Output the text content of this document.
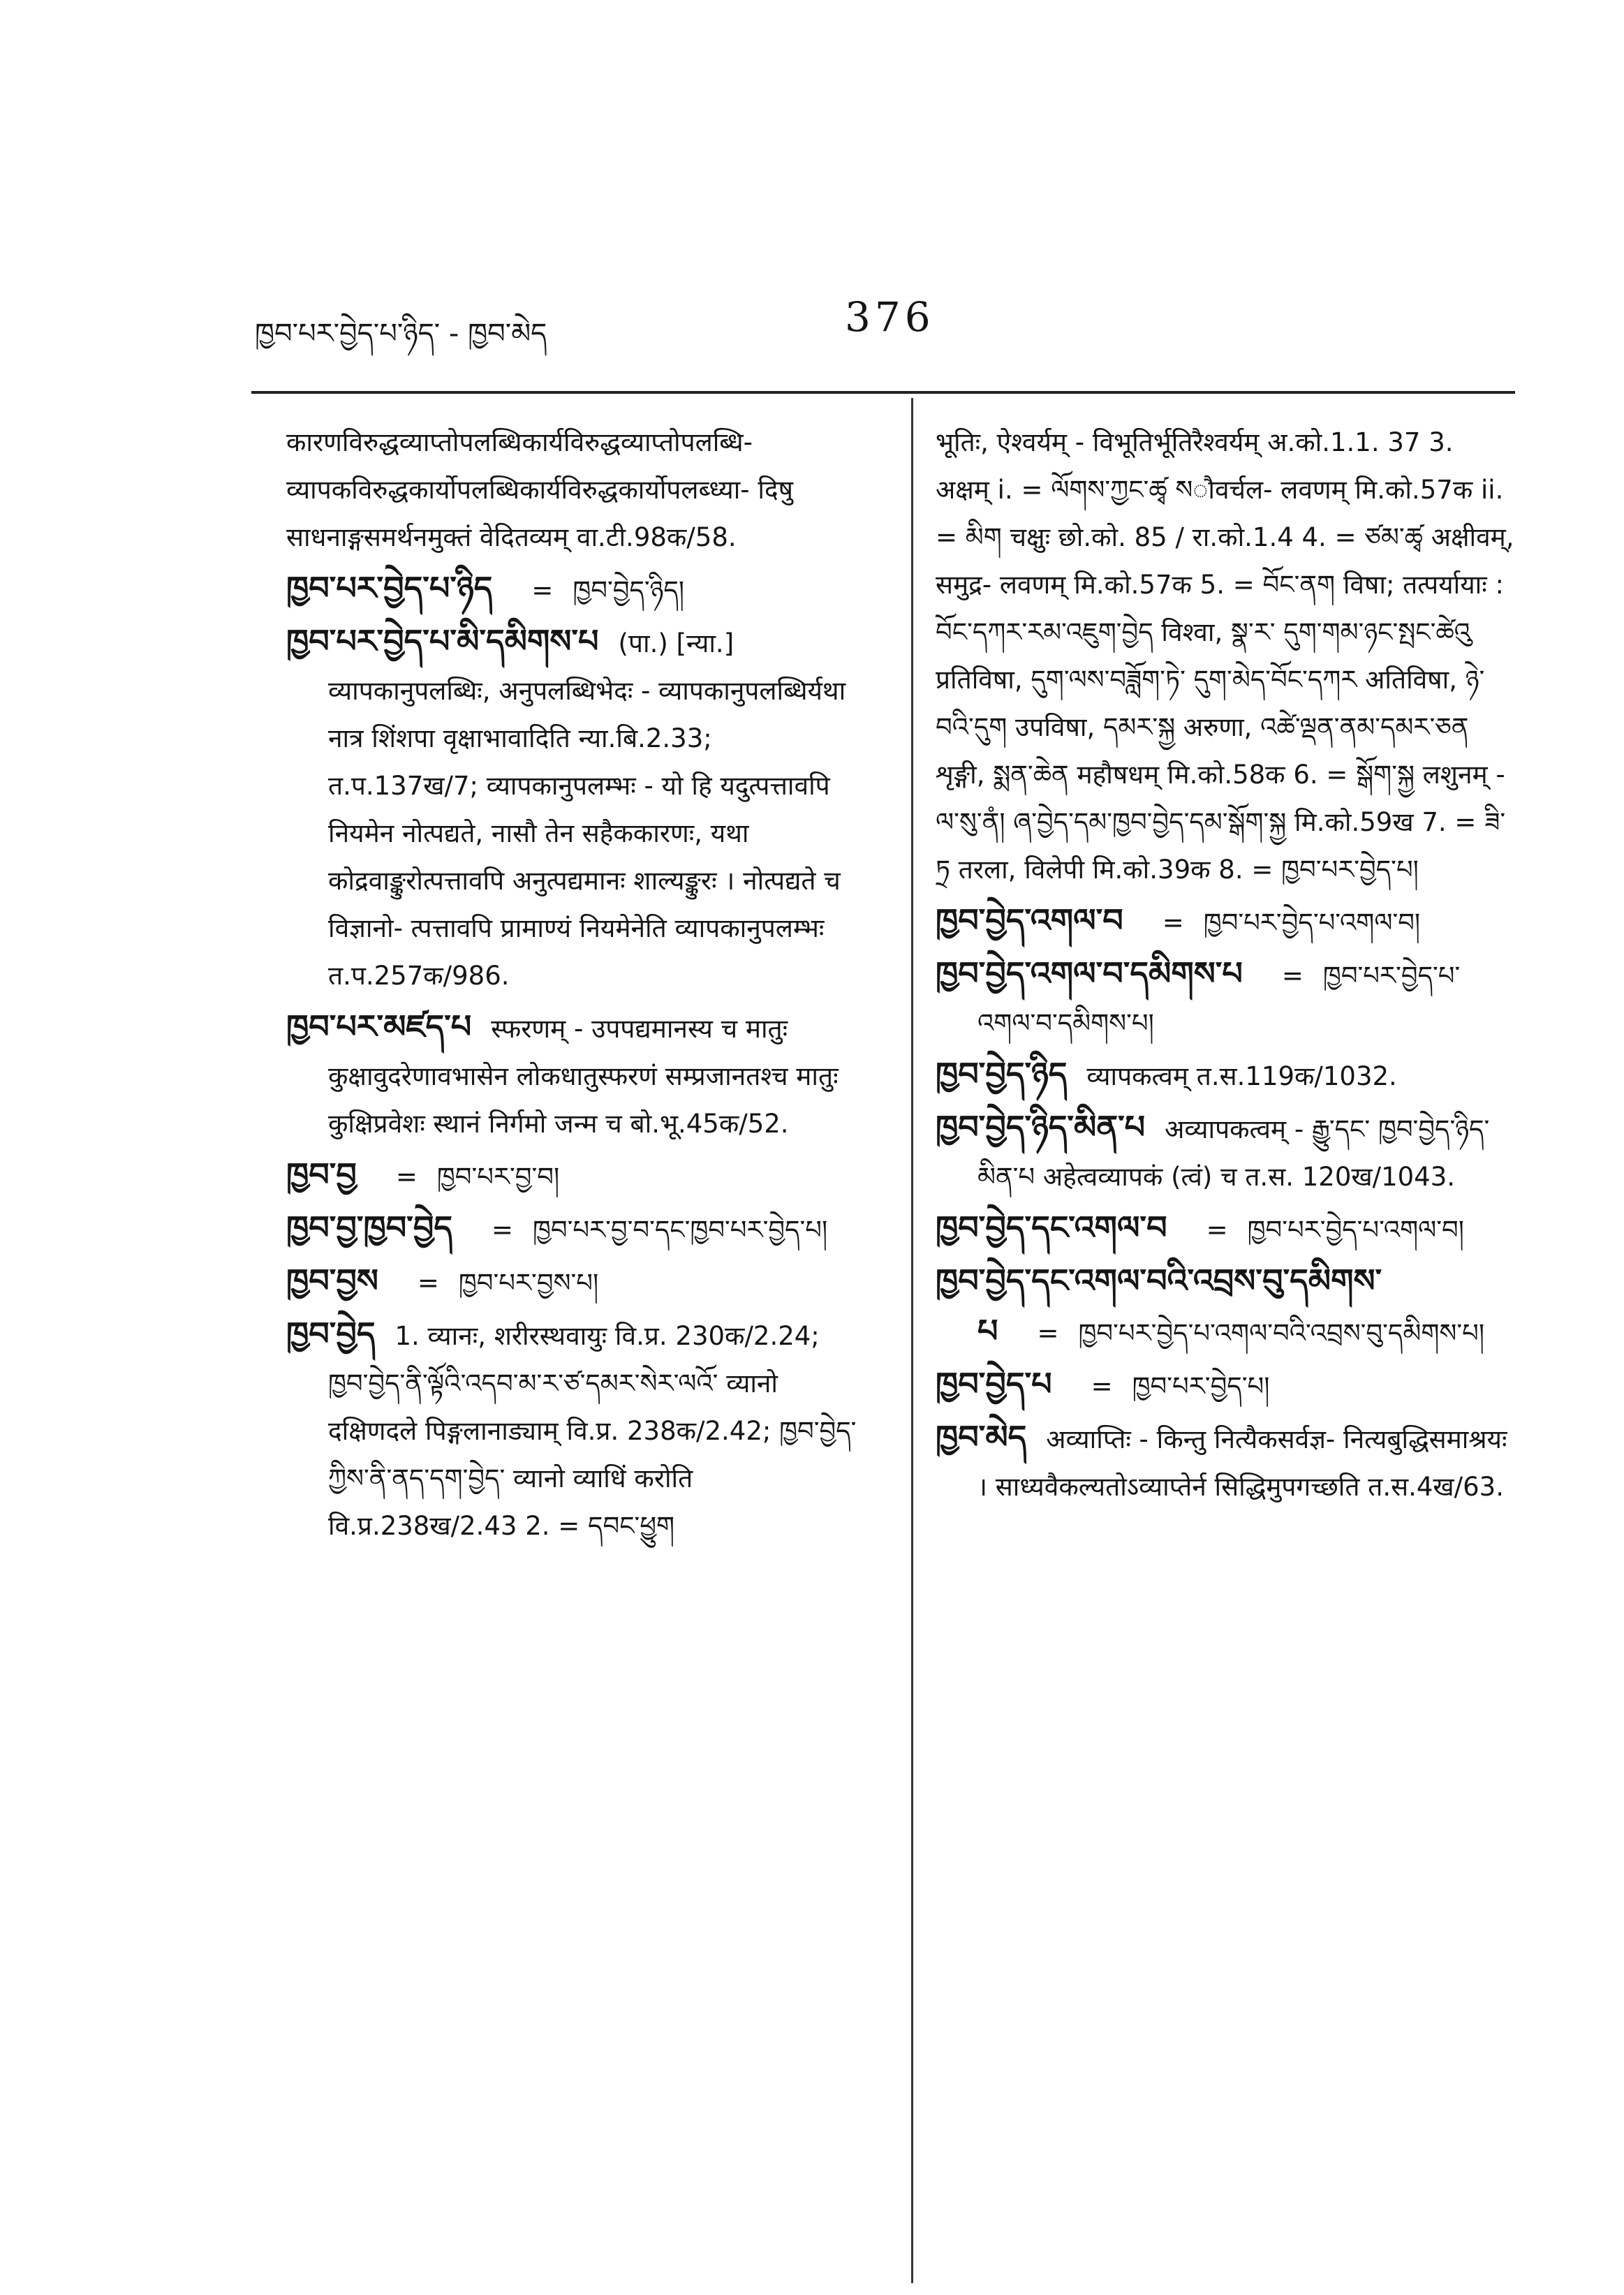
ཁྱབ་པར་བྱེད་པ་ཉིད་ - ཁྱབ་མེད	376

कारणविरुद्धव्याप्तोपलब्धिकार्यविरुद्धव्याप्तोपलब्धि- व्यापकविरुद्धकार्योपलब्धिकार्यविरुद्धकार्योपलब्ध्या- दिषु साधनाङ्गसमर्थनमुक्तं वेदितव्यम् वा.टी.98क/58.

ཁྱབ་པར་བྱེད་པ་ཉིད = ཁྱབ་བྱེད་ཉིད།

ཁྱབ་པར་བྱེད་པ་མི་དམིགས་པ (पा.) [न्या.] व्यापकानुपलब्धिः, अनुपलब्धिभेदः - व्यापकानुपलब्धिर्यथा नात्र शिंशपा वृक्षाभावादिति न्या.बि.2.33; त.प.137ख/7; व्यापकानुपलम्भः - यो हि यदुत्पत्तावपि नियमेन नोत्पद्यते, नासौ तेन सहैककारणः, यथा कोद्रवाङ्कुरोत्पत्तावपि अनुत्पद्यमानः शाल्यङ्कुरः । नोत्पद्यते च विज्ञानो- त्पत्तावपि प्रामाण्यं नियमेनेति व्यापकानुपलम्भः त.प.257क/986.

ཁྱབ་པར་མཛད་པ स्फरणम् - उपपद्यमानस्य च मातुः कुक्षावुदरेणावभासेन लोकधातुस्फरणं सम्प्रजानतश्च मातुः कुक्षिप्रवेशः स्थानं निर्गमो जन्म च बो.भू.45क/52.

ཁྱབ་བྱ = ཁྱབ་པར་བྱ་བ།

ཁྱབ་བྱ་ཁྱབ་བྱེད = ཁྱབ་པར་བྱ་བ་དང་ཁྱབ་པར་བྱེད་པ།

ཁྱབ་བྱས = ཁྱབ་པར་བྱས་པ།

ཁྱབ་བྱེད 1. व्यानः, शरीरस्थवायुः वि.प्र. 230क/2.24; ཁྱབ་བྱེད་ནི་ལྟོའི་འདབ་མ་ར་ཙ་དམར་སེར་ལའོ་ व्यानो दक्षिणदले पिङ्गलानाड्याम् वि.प्र. 238क/2.42; ཁྱབ་བྱེད་ཀྱིས་ནི་ནད་དག་བྱེད་ व्यानो व्याधिं करोति वि.प्र.238ख/2.43 2. = དབང་ཕྱུག

भूतिः, ऐश्वर्यम् - विभूतिर्भूतिरैश्वर्यम् अ.को.1.1. 37 3. अक्षम् i. = ལོགས་ཀྱང་ཚྭ སौवर्चल- लवणम् मि.को.57क ii. = མིག चक्षुः छो.को. 85 / रा.को.1.4 4. = ཙམ་ཚྭ अक्षीवम्, समुद्र- लवणम् मि.को.57क 5. = བོང་ནག विषा; तत्पर्यायाः : བོང་དཀར་རམ་འཇུག་བྱེད विश्वा, སྣ་ར་ དུག་གམ་ཉང་སྤང་ཚེའུ प्रतिविषा, དུག་ལས་བཟློག་ཏེ་ དུག་མེད་བོང་དཀར अतिविषा, ཉེ་བའི་དུག उपविषा, དམར་སྐྱ अरुणा, འཚེ་ལྡན་ནམ་དམར་ཅན शृङ्गी, སྨན་ཆེན महौषधम् मि.को.58क 6. = སྒོག་སྐྱ लशुनम् - ལ་སུ་ནཾ། ཞ་བྱེད་དམ་ཁྱབ་བྱེད་དམ་སྒོག་སྐྱ मि.को.59ख 7. = ཟི་ཏྲ तरला, विलेपी मि.को.39क 8. = ཁྱབ་པར་བྱེད་པ།

ཁྱབ་བྱེད་འགལ་བ = ཁྱབ་པར་བྱེད་པ་འགལ་བ།

ཁྱབ་བྱེད་འགལ་བ་དམིགས་པ = ཁྱབ་པར་བྱེད་པ་འགལ་བ་དམིགས་པ།

ཁྱབ་བྱེད་ཉིད व्यापकत्वम् त.स.119क/1032.

ཁྱབ་བྱེད་ཉིད་མིན་པ अव्यापकत्वम् - རྒྱུ་དང་ ཁྱབ་བྱེད་ཉིད་མིན་པ अहेत्वव्यापकं (त्वं) च त.स. 120ख/1043.

ཁྱབ་བྱེད་དང་འགལ་བ = ཁྱབ་པར་བྱེད་པ་འགལ་བ།

ཁྱབ་བྱེད་དང་འགལ་བའི་འབྲས་བུ་དམིགས་པ = ཁྱབ་པར་བྱེད་པ་འགལ་བའི་འབྲས་བུ་དམིགས་པ།

ཁྱབ་བྱེད་པ = ཁྱབ་པར་བྱེད་པ།

ཁྱབ་མེད अव्याप्तिः - किन्तु नित्यैकसर्वज्ञ- नित्यबुद्धिसमाश्रयः । साध्यवैकल्यतोऽव्याप्तेर्न सिद्धिमुपगच्छति त.स.4ख/63.
